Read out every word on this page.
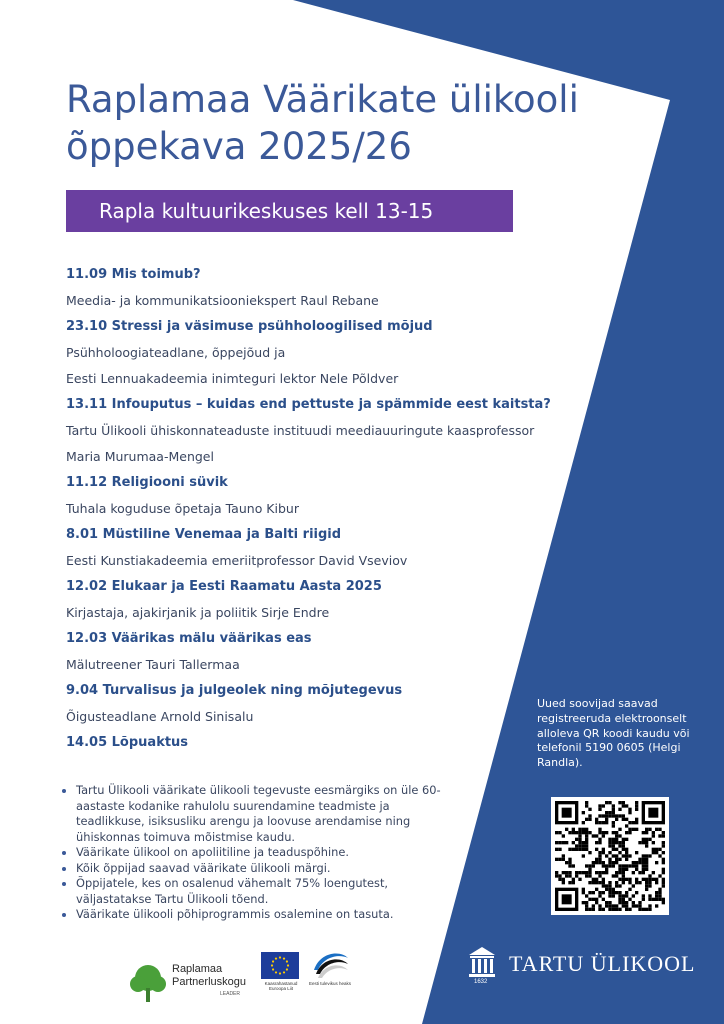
Raplamaa Väärikate ülikooli
õppekava 2025/26
Rapla kultuurikeskuses kell 13-15
11.09 Mis toimub?
Meedia- ja kommunikatsiooniekspert Raul Rebane
23.10 Stressi ja väsimuse psühholoogilised mõjud
Psühholoogiateadlane, õppejõud ja
Eesti Lennuakadeemia inimteguri lektor Nele Põldver
13.11 Infouputus – kuidas end pettuste ja spämmide eest kaitsta?
Tartu Ülikooli ühiskonnateaduste instituudi meediauuringute kaasprofessor
Maria Murumaa-Mengel
11.12 Religiooni süvik
Tuhala koguduse õpetaja Tauno Kibur
8.01 Müstiline Venemaa ja Balti riigid
Eesti Kunstiakadeemia emeriitprofessor David Vseviov
12.02 Elukaar ja Eesti Raamatu Aasta 2025
Kirjastaja, ajakirjanik ja poliitik Sirje Endre
12.03 Väärikas mälu väärikas eas
Mälutreener Tauri Tallermaa
9.04 Turvalisus ja julgeolek ning mõjutegevus
Õigusteadlane Arnold Sinisalu
14.05 Lõpuaktus
• Tartu Ülikooli väärikate ülikooli tegevuste eesmärgiks on üle 60-aastaste kodanike rahulolu suurendamine teadmiste ja teadlikkuse, isiksusliku arengu ja loovuse arendamise ning ühiskonnas toimuva mõistmise kaudu.
• Väärikate ülikool on apoliitiline ja teaduspõhine.
• Kõik õppijad saavad väärikate ülikooli märgi.
• Õppijatele, kes on osalenud vähemalt 75% loengutest, väljastatakse Tartu Ülikooli tõend.
• Väärikate ülikooli põhiprogrammis osalemine on tasuta.
Uued soovijad saavad registreeruda elektroonselt alloleva QR koodi kaudu või telefonil 5190 0605 (Helgi Randla).
TARTU ÜLIKOOL
1632
Raplamaa
Partnerluskogu
LEADER
Kaasrahastanud Euroopa Liit
Eesti tulevikus heaks
